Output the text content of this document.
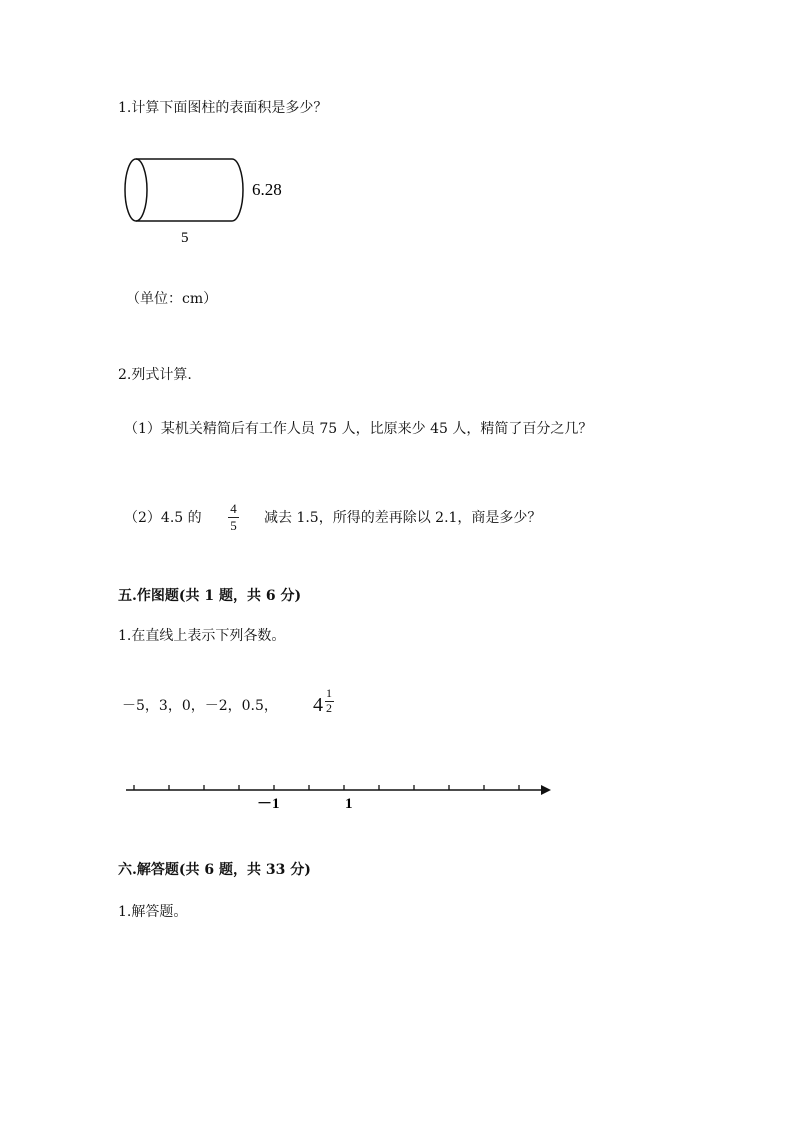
1.计算下面图柱的表面积是多少？
6.28
5
（单位：cm）
2.列式计算.
（1）某机关精简后有工作人员 75 人，比原来少 45 人，精简了百分之几？
（2）4.5 的
4
5 减去 1.5，所得的差再除以 2.1，商是多少？
五.作图题(共 1 题，共 6 分)
1.在直线上表示下列各数。
－5，3，0，－2，0.5， 4
1
2
－1	1
六.解答题(共 6 题，共 33 分)
1.解答题。
